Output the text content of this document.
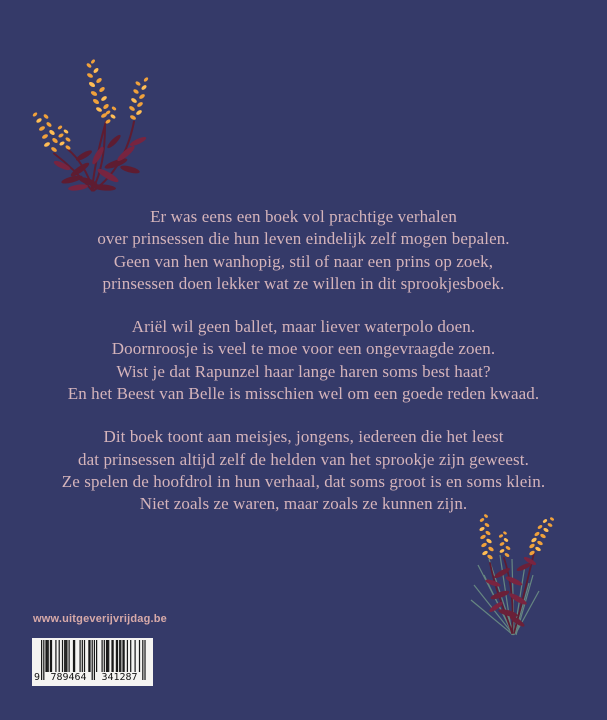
Er was eens een boek vol prachtige verhalen
over prinsessen die hun leven eindelijk zelf mogen bepalen.
Geen van hen wanhopig, stil of naar een prins op zoek,
prinsessen doen lekker wat ze willen in dit sprookjesboek.
Ariël wil geen ballet, maar liever waterpolo doen.
Doornroosje is veel te moe voor een ongevraagde zoen.
Wist je dat Rapunzel haar lange haren soms best haat?
En het Beest van Belle is misschien wel om een goede reden kwaad.
Dit boek toont aan meisjes, jongens, iedereen die het leest
dat prinsessen altijd zelf de helden van het sprookje zijn geweest.
Ze spelen de hoofdrol in hun verhaal, dat soms groot is en soms klein.
Niet zoals ze waren, maar zoals ze kunnen zijn.
www.uitgeverijvrijdag.be
9	789464	341287
